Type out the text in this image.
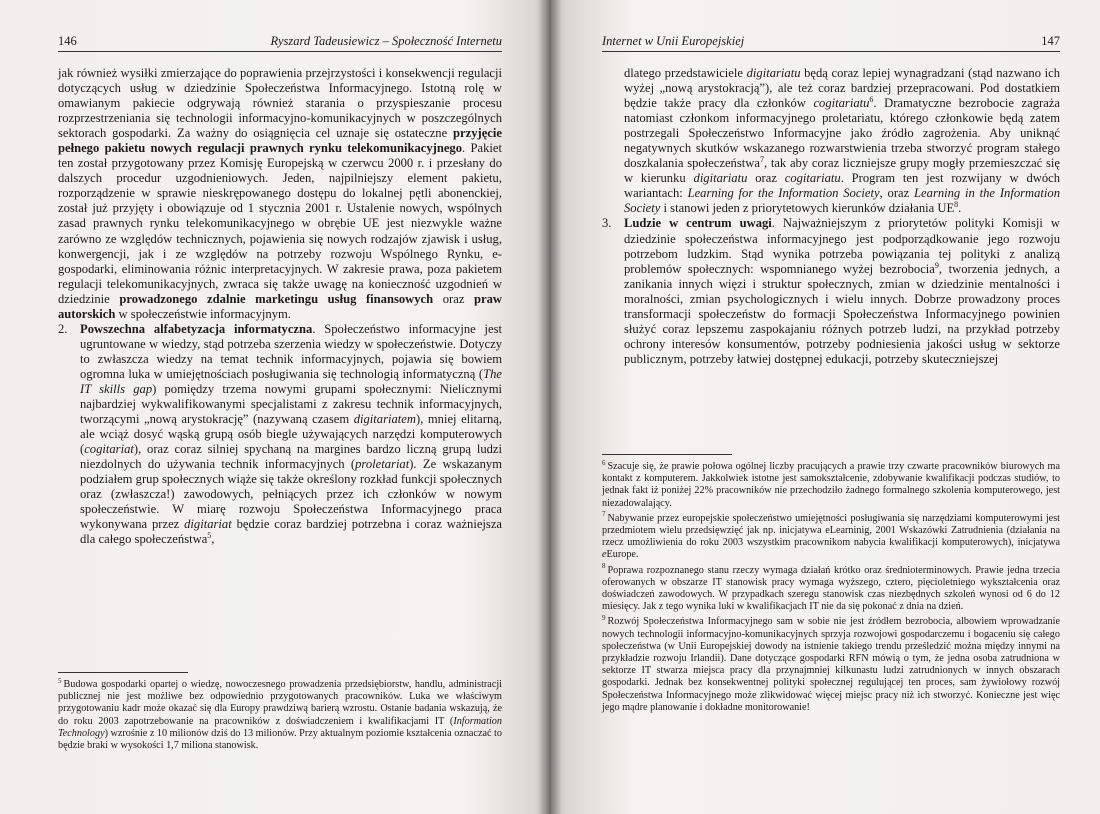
146	Ryszard Tadeusiewicz – Społeczność Internetu

jak również wysiłki zmierzające do poprawienia przejrzystości i konsekwencji regulacji dotyczących usług w dziedzinie Społeczeństwa Informacyjnego. Istotną rolę w omawianym pakiecie odgrywają również starania o przyspieszanie procesu rozprzestrzeniania się technologii informacyjno-komunikacyjnych w poszczególnych sektorach gospodarki. Za ważny do osiągnięcia cel uznaje się ostateczne przyjęcie pełnego pakietu nowych regulacji prawnych rynku telekomunikacyjnego. Pakiet ten został przygotowany przez Komisję Europejską w czerwcu 2000 r. i przesłany do dalszych procedur uzgodnieniowych. Jeden, najpilniejszy element pakietu, rozporządzenie w sprawie nieskrępowanego dostępu do lokalnej pętli abonenckiej, został już przyjęty i obowiązuje od 1 stycznia 2001 r. Ustalenie nowych, wspólnych zasad prawnych rynku telekomunikacyjnego w obrębie UE jest niezwykle ważne zarówno ze względów technicznych, pojawienia się nowych rodzajów zjawisk i usług, konwergencji, jak i ze względów na potrzeby rozwoju Wspólnego Rynku, e-gospodarki, eliminowania różnic interpretacyjnych. W zakresie prawa, poza pakietem regulacji telekomunikacyjnych, zwraca się także uwagę na konieczność uzgodnień w dziedzinie prowadzonego zdalnie marketingu usług finansowych oraz praw autorskich w społeczeństwie informacyjnym.

2. Powszechna alfabetyzacja informatyczna. Społeczeństwo informacyjne jest ugruntowane w wiedzy, stąd potrzeba szerzenia wiedzy w społeczeństwie. Dotyczy to zwłaszcza wiedzy na temat technik informacyjnych, pojawia się bowiem ogromna luka w umiejętnościach posługiwania się technologią informatyczną (The IT skills gap) pomiędzy trzema nowymi grupami społecznymi: Nielicznymi najbardziej wykwalifikowanymi specjalistami z zakresu technik informacyjnych, tworzącymi „nową arystokrację” (nazywaną czasem digitariatem), mniej elitarną, ale wciąż dosyć wąską grupą osób biegle używających narzędzi komputerowych (cogitariat), oraz coraz silniej spychaną na margines bardzo liczną grupą ludzi niezdolnych do używania technik informacyjnych (proletariat). Ze wskazanym podziałem grup społecznych wiąże się także określony rozkład funkcji społecznych oraz (zwłaszcza!) zawodowych, pełniących przez ich członków w nowym społeczeństwie. W miarę rozwoju Społeczeństwa Informacyjnego praca wykonywana przez digitariat będzie coraz bardziej potrzebna i coraz ważniejsza dla całego społeczeństwa$^5$,

$^5$ Budowa gospodarki opartej o wiedzę, nowoczesnego prowadzenia przedsiębiorstw, handlu, administracji publicznej nie jest możliwe bez odpowiednio przygotowanych pracowników. Luka we właściwym przygotowaniu kadr może okazać się dla Europy prawdziwą barierą wzrostu. Ostanie badania wskazują, że do roku 2003 zapotrzebowanie na pracowników z doświadczeniem i kwalifikacjami IT (Information Technology) wzrośnie z 10 milionów dziś do 13 milionów. Przy aktualnym poziomie kształcenia oznaczać to będzie braki w wysokości 1,7 miliona stanowisk.

Internet w Unii Europejskiej	147

dlatego przedstawiciele digitariatu będą coraz lepiej wynagradzani (stąd nazwano ich wyżej „nową arystokracją”), ale też coraz bardziej przepracowani. Pod dostatkiem będzie także pracy dla członków cogitariatu$^6$. Dramatyczne bezrobocie zagraża natomiast członkom informacyjnego proletariatu, którego członkowie będą zatem postrzegali Społeczeństwo Informacyjne jako źródło zagrożenia. Aby uniknąć negatywnych skutków wskazanego rozwarstwienia trzeba stworzyć program stałego doszkalania społeczeństwa$^7$, tak aby coraz liczniejsze grupy mogły przemieszczać się w kierunku digitariatu oraz cogitariatu. Program ten jest rozwijany w dwóch wariantach: Learning for the Information Society, oraz Learning in the Information Society i stanowi jeden z priorytetowych kierunków działania $UE^8$.

3. Ludzie w centrum uwagi. Najważniejszym z priorytetów polityki Komisji w dziedzinie społeczeństwa informacyjnego jest podporządkowanie jego rozwoju potrzebom ludzkim. Stąd wynika potrzeba powiązania tej polityki z analizą problemów społecznych: wspomnianego wyżej bezrobocia$^9$, tworzenia jednych, a zanikania innych więzi i struktur społecznych, zmian w dziedzinie mentalności i moralności, zmian psychologicznych i wielu innych. Dobrze prowadzony proces transformacji społeczeństw do formacji Społeczeństwa Informacyjnego powinien służyć coraz lepszemu zaspokajaniu różnych potrzeb ludzi, na przykład potrzeby ochrony interesów konsumentów, potrzeby podniesienia jakości usług w sektorze publicznym, potrzeby łatwiej dostępnej edukacji, potrzeby skuteczniejszej

$^6$ Szacuje się, że prawie połowa ogólnej liczby pracujących a prawie trzy czwarte pracowników biurowych ma kontakt z komputerem. Jakkolwiek istotne jest samokształcenie, zdobywanie kwalifikacji podczas studiów, to jednak fakt iż poniżej 22% pracowników nie przechodziło żadnego formalnego szkolenia komputerowego, jest niezadowalający.

$^7$ Nabywanie przez europejskie społeczeństwo umiejętności posługiwania się narzędziami komputerowymi jest przedmiotem wielu przedsięwzięć jak np. inicjatywa eLearninig, 2001 Wskazówki Zatrudnienia (działania na rzecz umożliwienia do roku 2003 wszystkim pracownikom nabycia kwalifikacji komputerowych), inicjatywa eEurope.

$^8$ Poprawa rozpoznanego stanu rzeczy wymaga działań krótko oraz średnioterminowych. Prawie jedna trzecia oferowanych w obszarze IT stanowisk pracy wymaga wyższego, cztero, pięcioletniego wykształcenia oraz doświadczeń zawodowych. W przypadkach szeregu stanowisk czas niezbędnych szkoleń wynosi od 6 do 12 miesięcy. Jak z tego wynika luki w kwalifikacjach IT nie da się pokonać z dnia na dzień.

$^9$ Rozwój Społeczeństwa Informacyjnego sam w sobie nie jest źródłem bezrobocia, albowiem wprowadzanie nowych technologii informacyjno-komunikacyjnych sprzyja rozwojowi gospodarczemu i bogaceniu się całego społeczeństwa (w Unii Europejskiej dowody na istnienie takiego trendu prześledzić można między innymi na przykładzie rozwoju Irlandii). Dane dotyczące gospodarki RFN mówią o tym, że jedna osoba zatrudniona w sektorze IT stwarza miejsca pracy dla przynajmniej kilkunastu ludzi zatrudnionych w innych obszarach gospodarki. Jednak bez konsekwentnej polityki społecznej regulującej ten proces, sam żywiołowy rozwój Społeczeństwa Informacyjnego może zlikwidować więcej miejsc pracy niż ich stworzyć. Konieczne jest więc jego mądre planowanie i dokładne monitorowanie!
